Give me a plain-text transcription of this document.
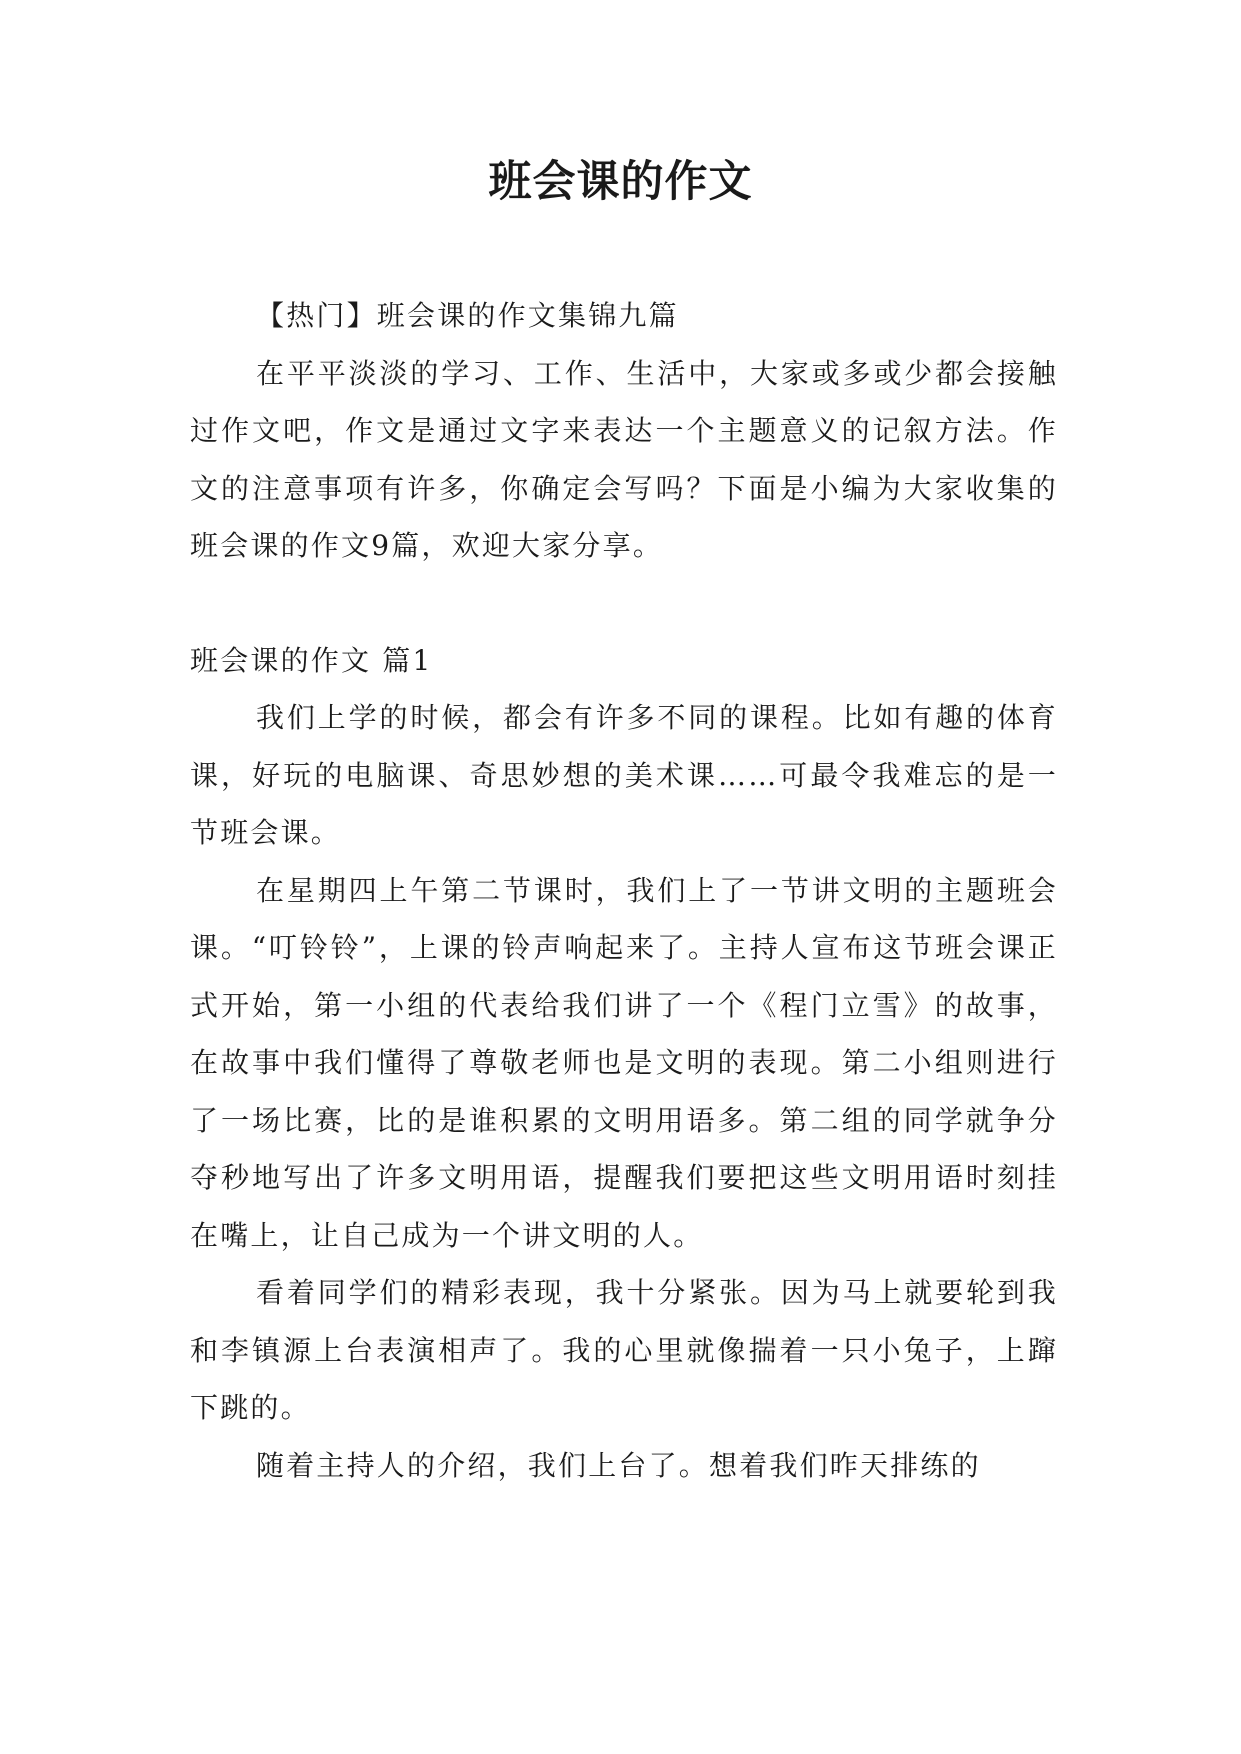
班会课的作文

【热门】班会课的作文集锦九篇

在平平淡淡的学习、工作、生活中，大家或多或少都会接触过作文吧，作文是通过文字来表达一个主题意义的记叙方法。作文的注意事项有许多，你确定会写吗？下面是小编为大家收集的班会课的作文9篇，欢迎大家分享。

班会课的作文 篇1

我们上学的时候，都会有许多不同的课程。比如有趣的体育课，好玩的电脑课、奇思妙想的美术课……可最令我难忘的是一节班会课。

在星期四上午第二节课时，我们上了一节讲文明的主题班会课。“叮铃铃”，上课的铃声响起来了。主持人宣布这节班会课正式开始，第一小组的代表给我们讲了一个《程门立雪》的故事，在故事中我们懂得了尊敬老师也是文明的表现。第二小组则进行了一场比赛，比的是谁积累的文明用语多。第二组的同学就争分夺秒地写出了许多文明用语，提醒我们要把这些文明用语时刻挂在嘴上，让自己成为一个讲文明的人。

看着同学们的精彩表现，我十分紧张。因为马上就要轮到我和李镇源上台表演相声了。我的心里就像揣着一只小兔子，上蹿下跳的。

随着主持人的介绍，我们上台了。想着我们昨天排练的
